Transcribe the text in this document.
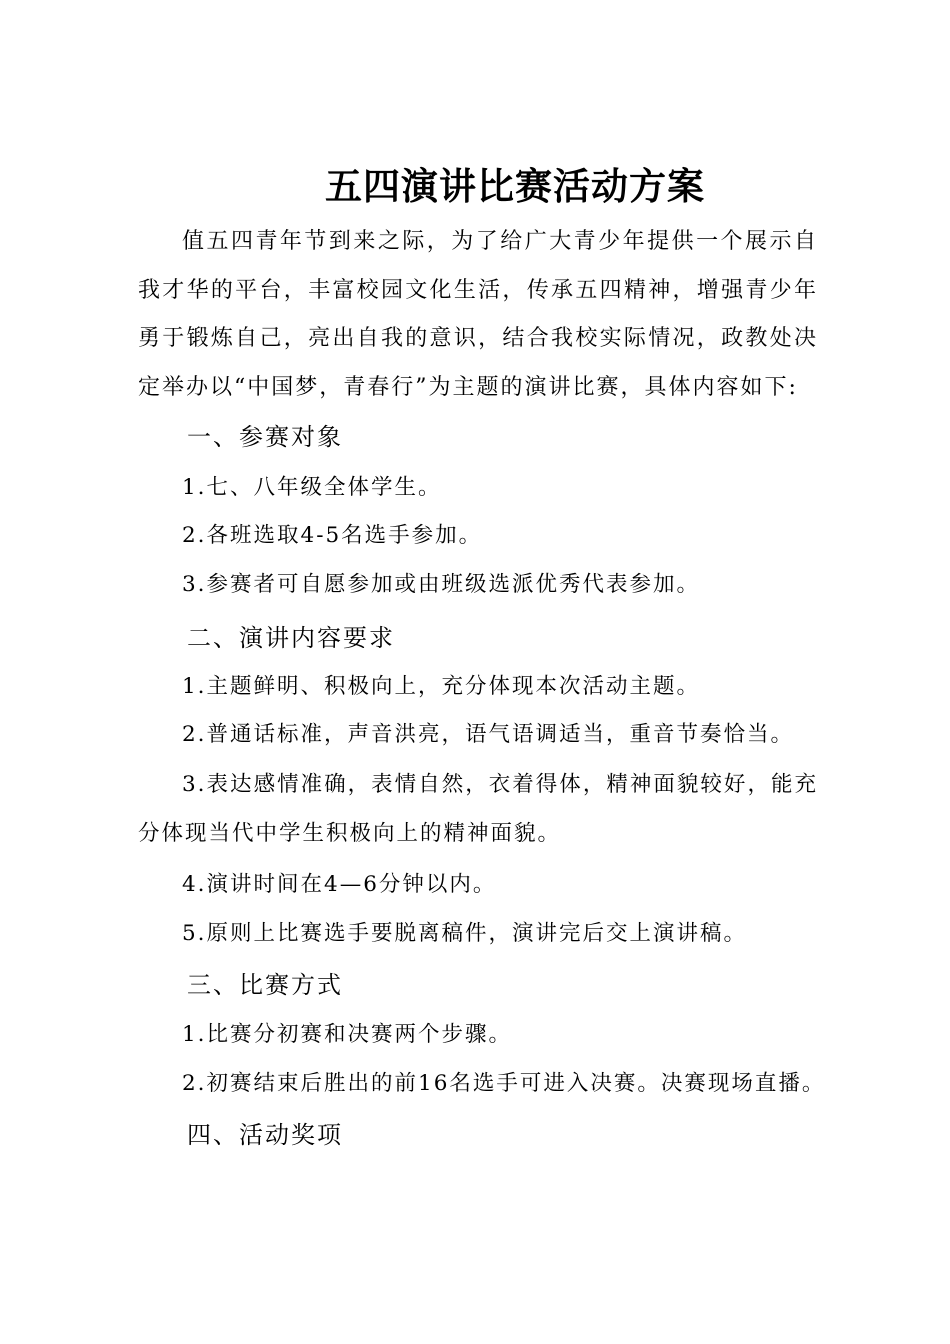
五四演讲比赛活动方案
值五四青年节到来之际，为了给广大青少年提供一个展示自我才华的平台，丰富校园文化生活，传承五四精神，增强青少年勇于锻炼自己，亮出自我的意识，结合我校实际情况，政教处决定举办以“中国梦，青春行”为主题的演讲比赛，具体内容如下:
一、参赛对象
1.七、八年级全体学生。
2.各班选取4-5名选手参加。
3.参赛者可自愿参加或由班级选派优秀代表参加。
二、演讲内容要求
1.主题鲜明、积极向上，充分体现本次活动主题。
2.普通话标准，声音洪亮，语气语调适当，重音节奏恰当。
3.表达感情准确，表情自然，衣着得体，精神面貌较好，能充分体现当代中学生积极向上的精神面貌。
4.演讲时间在4—6分钟以内。
5.原则上比赛选手要脱离稿件，演讲完后交上演讲稿。
三、比赛方式
1.比赛分初赛和决赛两个步骤。
2.初赛结束后胜出的前16名选手可进入决赛。决赛现场直播。
四、活动奖项
